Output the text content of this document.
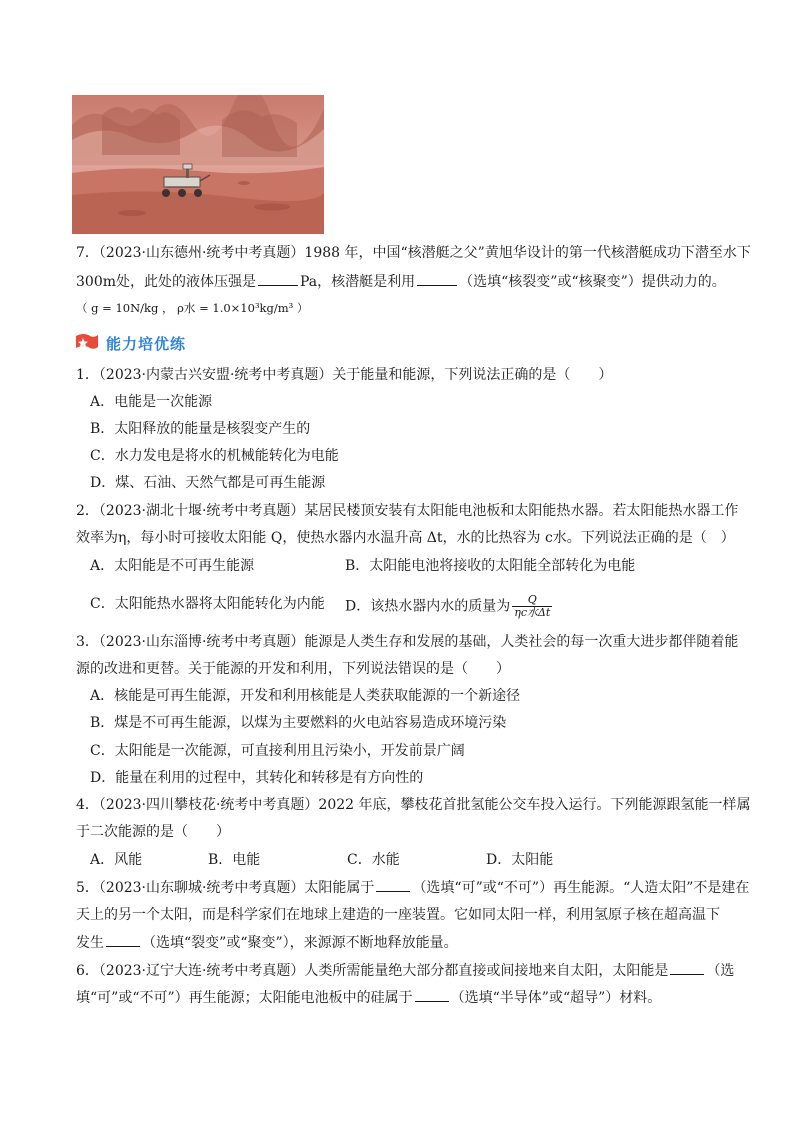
7．（2023·山东德州·统考中考真题）1988 年，中国“核潜艇之父”黄旭华设计的第一代核潜艇成功下潜至水下
300m处，此处的液体压强是	Pa，核潜艇是利用	（选填“核裂变”或“核聚变”）提供动力的。
（ g = 10N/kg ， ρ水 = 1.0×10³kg/m³ ）
能力培优练
1．（2023·内蒙古兴安盟·统考中考真题）关于能量和能源，下列说法正确的是（　　）
A．电能是一次能源
B．太阳释放的能量是核裂变产生的
C．水力发电是将水的机械能转化为电能
D．煤、石油、天然气都是可再生能源
2．（2023·湖北十堰·统考中考真题）某居民楼顶安装有太阳能电池板和太阳能热水器。若太阳能热水器工作
效率为η，每小时可接收太阳能 Q，使热水器内水温升高 Δt，水的比热容为 c水。下列说法正确的是（　）
A．太阳能是不可再生能源	B．太阳能电池将接收的太阳能全部转化为电能
C．太阳能热水器将太阳能转化为内能 D．该热水器内水的质量为 $\frac{Q}{\text{ηc水Δt}}$
3．（2023·山东淄博·统考中考真题）能源是人类生存和发展的基础，人类社会的每一次重大进步都伴随着能
源的改进和更替。关于能源的开发和利用，下列说法错误的是（　　）
A．核能是可再生能源，开发和利用核能是人类获取能源的一个新途径
B．煤是不可再生能源，以煤为主要燃料的火电站容易造成环境污染
C．太阳能是一次能源，可直接利用且污染小，开发前景广阔
D．能量在利用的过程中，其转化和转移是有方向性的
4．（2023·四川攀枝花·统考中考真题）2022 年底，攀枝花首批氢能公交车投入运行。下列能源跟氢能一样属
于二次能源的是（　　）
A．风能	B．电能	C．水能	D．太阳能
5．（2023·山东聊城·统考中考真题）太阳能属于	（选填“可”或“不可”）再生能源。“人造太阳”不是建在
天上的另一个太阳，而是科学家们在地球上建造的一座装置。它如同太阳一样，利用氢原子核在超高温下
发生	（选填“裂变”或“聚变”），来源源不断地释放能量。
6．（2023·辽宁大连·统考中考真题）人类所需能量绝大部分都直接或间接地来自太阳，太阳能是	（选
填“可”或“不可”）再生能源；太阳能电池板中的硅属于	（选填“半导体”或“超导”）材料。
